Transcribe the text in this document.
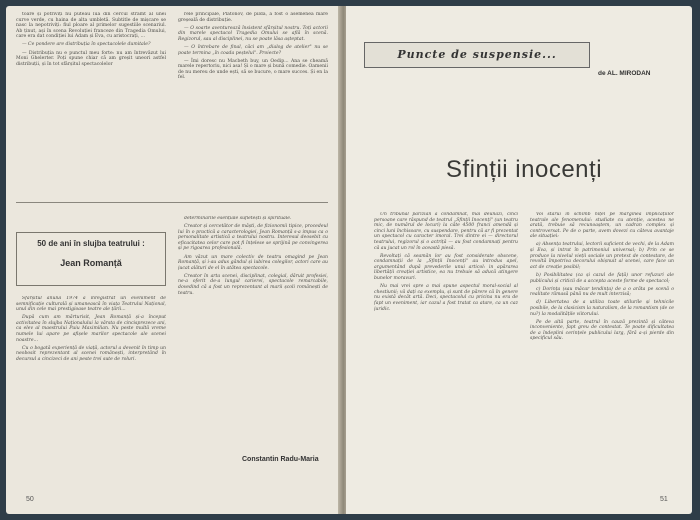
toare și potriviți nu puteau lua din cercul strâmt al unei curve verde, cu haina de alta umbletă. Subtitle de mișcare se nasc la nepotriviți: fiul ploare al primelor sugestiile scenariul. Ab ținut, ași în scena Revoluției franceze din Tragedia Omului, care era dat condiției lui Adam și Eva, cu aristocrați, ...

— Ce pondere are distribuția în spectacolele dumitale?

— Distribuția nu e punctul meu forte: nu am întrevăzut lui Moni Ghelerter. Poți spune chiar că am greșit uneori astfel distribuții, și în tot sfârșitul spectacolelor

rele principale, Platonov, de pildă, a fost o asemenea mare greșeală de distribuție.

— O soarte aventurează însistent sfârșitul nostru. Toți actorii din marele spectacol Tragedia Omului se află în scenă. Regizorul, sau al disciplinei, nu se poate lăsa așteptat.

— O întrebare de final, căci am „dialog de atelier" nu se poate termina „în coada peștelui". Proiecte?

— Îmi doresc nu Macbeth buy, un Oedip... Ana se cheamă marele repertoriu, nici asa! Și o mare și bună comedie. Oamenii de nu mereu de unde ești, să se bucure, o mare succes. Și en la fel.

50 de ani în slujba teatrului :
Jean Romanță

Sfârșitul anului 1974 a înregistrat un eveniment de semnificație culturală și umanească în viața Teatrului Național, unul din cele mai prestigioase teatre ale țării...

După cum am mărturisit, Jean Romanță și-a început activitatea în slujba Naționalului la vârsta de cincisprezece ani, ca elev al maestrului Puiu Maximilian. Nu peste multă vreme numele lui apare pe afișele marilor spectacole ale scenei noastre...

Cu o bogată experiență de viață, actorul a devenit în timp un neobosit reprezentant al scenei românești, interpretând în decursul a cincizeci de ani peste trei sute de roluri.

determinările esențiale sufletești și spirituale.

Creator și cercetător de măști, de fizionomii tipice, procedeul lui în o practică a caracterologiei, Jean Romanță s-a impus ca o personalitate artistică a teatrului nostru. Interesul deosebit cu eficacitatea celor care pot fi înțelese se sprijină pe convingerea și pe rigoarea profesională.

Am văzut un mare colectiv de teatru omagind pe Jean Romanță, și i-au adus gândul și iubirea colegilor, actori care au jucat alături de el în atâtea spectacole.

Creator în arta scenei, disciplinat, colegial, dăruit profesiei, ne-a oferit de-a lungul carierei, spectacole remarcabile, dovedind că a fost un reprezentant al marii școli românești de teatru.

Constantin Radu-Maria
50
Puncte de suspensie...
de AL. MIRODAN
Sfinții inocenți

Un tribunal parizian a condamnat, mai deunăzi, cinci persoane care răspund de teatrul „Sfinții Inocenți" (un teatru mic, de numărul de locuri) la câte 4500 franci amendă și cinci luni închisoare, cu suspendare, pentru că ar fi prezentat un spectacol cu caracter imoral. Trei dintre ei — directorul teatrului, regizorul și o actriță — au fost condamnați pentru că au jucat un rol în această piesă.

Revoltați că seamăn lor au fost considerate obscene, condamnații de la „Sfinții Inocenți" au introdus apel, argumentând după prevederile unui articol: in apărarea libertății creației artistice, ea nu trebuie să aducă atingere bunelor moravuri.

Nu mai vrei spre a mai spune aspectul moral-social al chestiunii; vă dați ca exemplu, și sunt de părere că în genere nu există decât artă. Deci, spectacolul cu pricina nu era de fapt un eveniment, iar cazul a fost tratat ca atare, ca un caz juridic.

Voi stărui în schimb nițel pe marginea implicațiilor teatrale ale fenomenului: studiate cu atenție, acestea ne arată, trebuie să recunoaștem, un cadran complex și controversat. Pe de o parte, avem dovezi cu câteva avantaje ale situației:

a) Absența teatrului, lectorii suficient de vechi, de la Adam și Eva, și intrat în patrimoniul universal; b) Prin ce se produce la nivelul vieții sociale un pretext de contestare, de revoltă împotriva decorului obișnuit al scenei, care face un act de creație posibil;

b) Posibilitatea (ca și cazul de față) unor refuzuri ale publicului și criticii de a accepta aceste forme de spectacol;

c) Dorința (sau măcar tendința) de a o arăta pe scenă o realitate rămasă până nu de mult interzisă;

d) Libertatea de a utiliza toate stilurile și tehnicile posibile, de la clasicism la naturalism, de la romantism (de ce nu?) la modalitățile viitorului.

Pe de altă parte, teatrul în cauză prezintă și câteva inconveniente, fapt greu de contestat. Te poate dificultatea de a îndeplini cerințele publicului larg, fără a-și pierde din specificul său.

51
